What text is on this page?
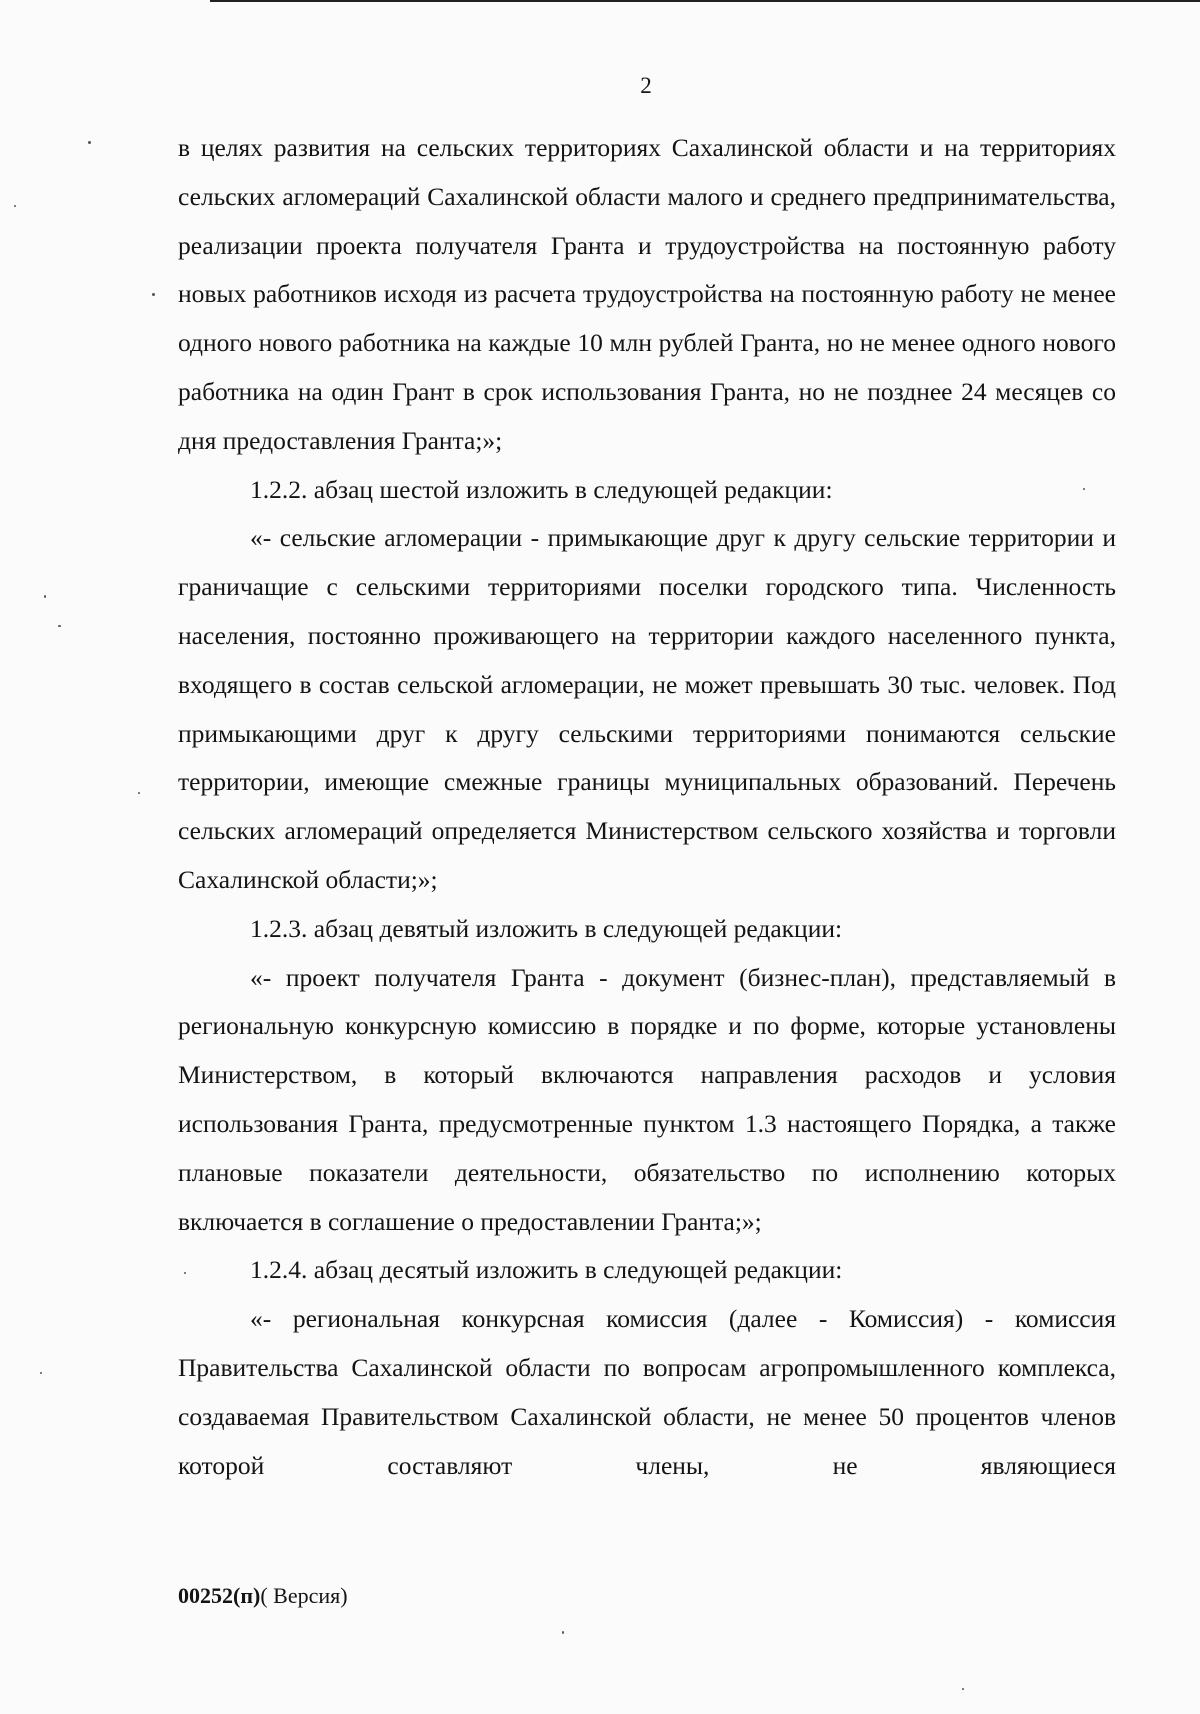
2

в целях развития на сельских территориях Сахалинской области и на территориях сельских агломераций Сахалинской области малого и среднего предпринимательства, реализации проекта получателя Гранта и трудоустройства на постоянную работу новых работников исходя из расчета трудоустройства на постоянную работу не менее одного нового работника на каждые 10 млн рублей Гранта, но не менее одного нового работника на один Грант в срок использования Гранта, но не позднее 24 месяцев со дня предоставления Гранта;»;

1.2.2. абзац шестой изложить в следующей редакции:

«- сельские агломерации - примыкающие друг к другу сельские территории и граничащие с сельскими территориями поселки городского типа. Численность населения, постоянно проживающего на территории каждого населенного пункта, входящего в состав сельской агломерации, не может превышать 30 тыс. человек. Под примыкающими друг к другу сельскими территориями понимаются сельские территории, имеющие смежные границы муниципальных образований. Перечень сельских агломераций определяется Министерством сельского хозяйства и торговли Сахалинской области;»;

1.2.3. абзац девятый изложить в следующей редакции:

«- проект получателя Гранта - документ (бизнес-план), представляемый в региональную конкурсную комиссию в порядке и по форме, которые установлены Министерством, в который включаются направления расходов и условия использования Гранта, предусмотренные пунктом 1.3 настоящего Порядка, а также плановые показатели деятельности, обязательство по исполнению которых включается в соглашение о предоставлении Гранта;»;

1.2.4. абзац десятый изложить в следующей редакции:

«- региональная конкурсная комиссия (далее - Комиссия) - комиссия Правительства Сахалинской области по вопросам агропромышленного комплекса, создаваемая Правительством Сахалинской области, не менее 50 процентов членов которой составляют члены, не являющиеся

00252(п)( Версия)
